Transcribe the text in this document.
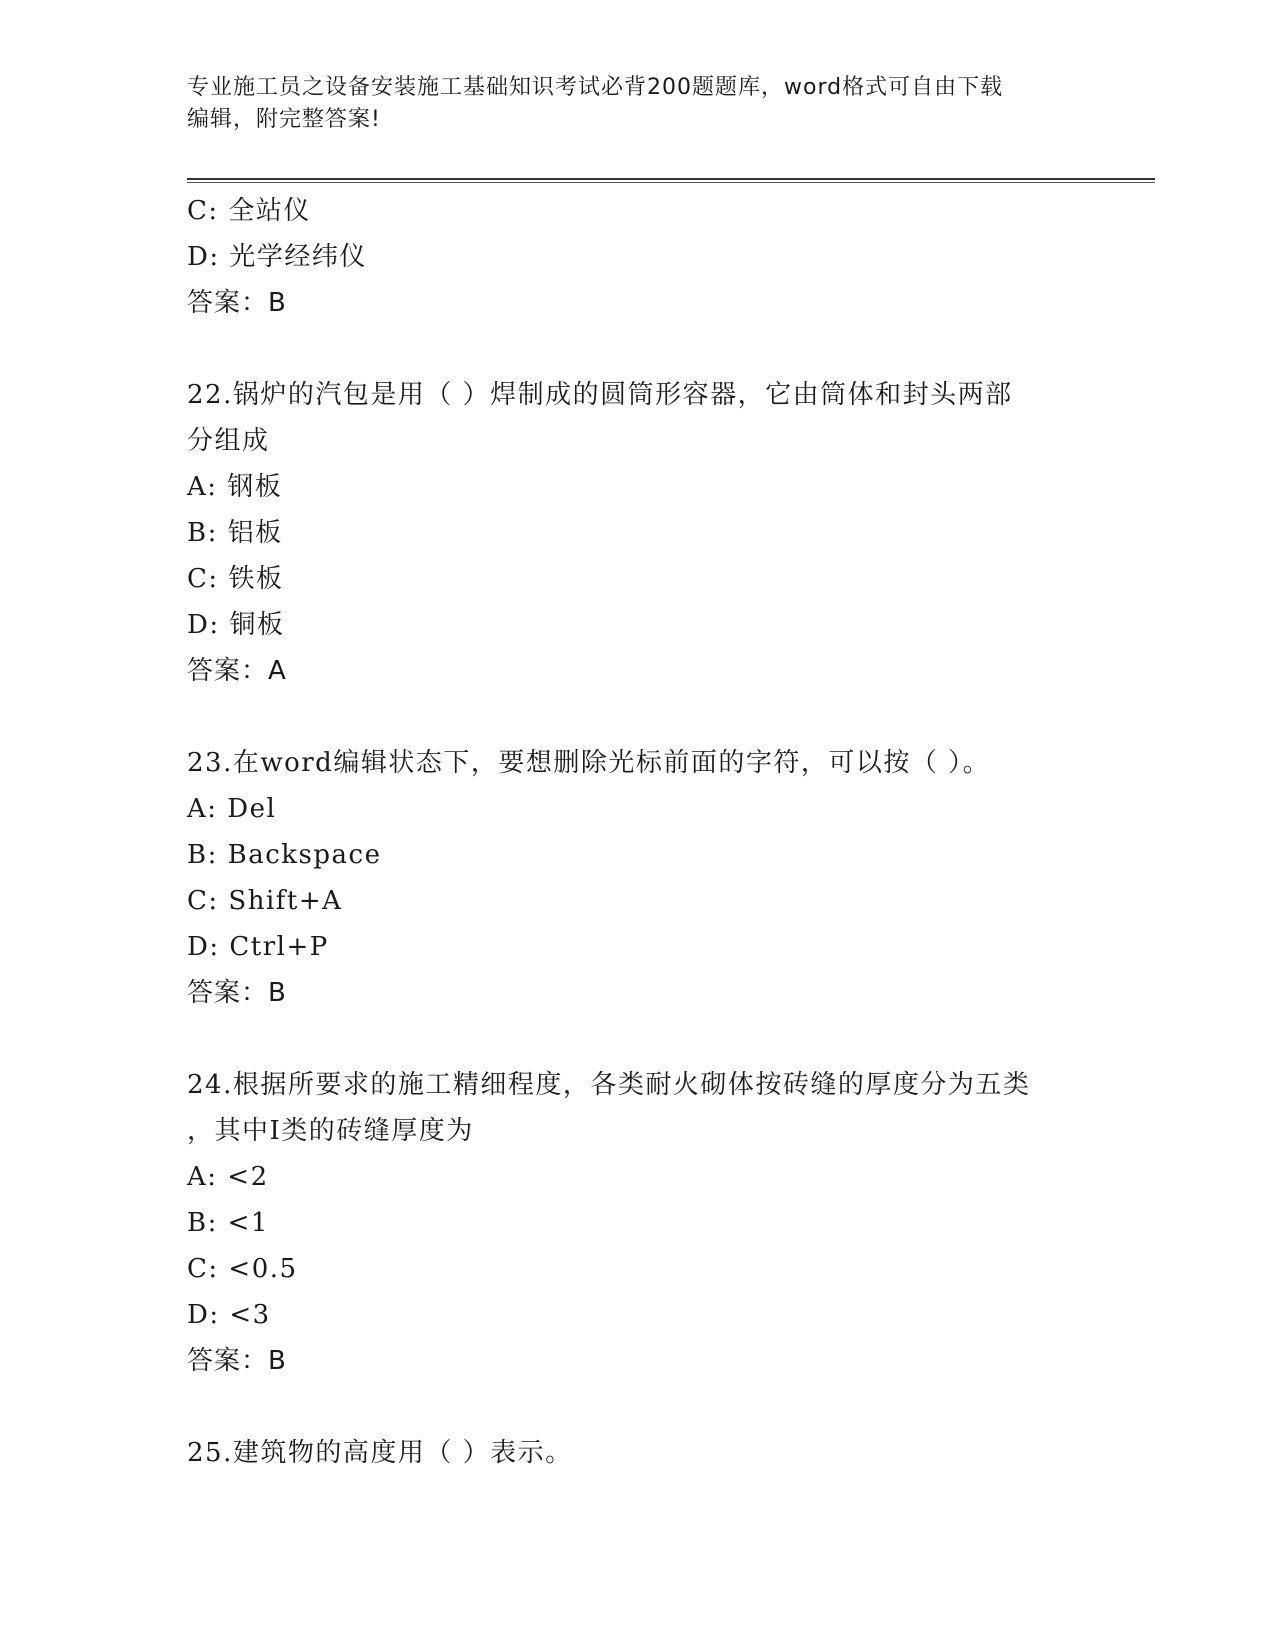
专业施工员之设备安装施工基础知识考试必背200题题库，word格式可自由下载
编辑，附完整答案!
C: 全站仪
D: 光学经纬仪
答案：B
22.锅炉的汽包是用（ ）焊制成的圆筒形容器，它由筒体和封头两部
分组成
A: 钢板
B: 铝板
C: 铁板
D: 铜板
答案：A
23.在word编辑状态下，要想删除光标前面的字符，可以按（ ）。
A: Del
B: Backspace
C: Shift+A
D: Ctrl+P
答案：B
24.根据所要求的施工精细程度，各类耐火砌体按砖缝的厚度分为五类
，其中Ⅰ类的砖缝厚度为
A: <2
B: <1
C: <0.5
D: <3
答案：B
25.建筑物的高度用（ ）表示。
